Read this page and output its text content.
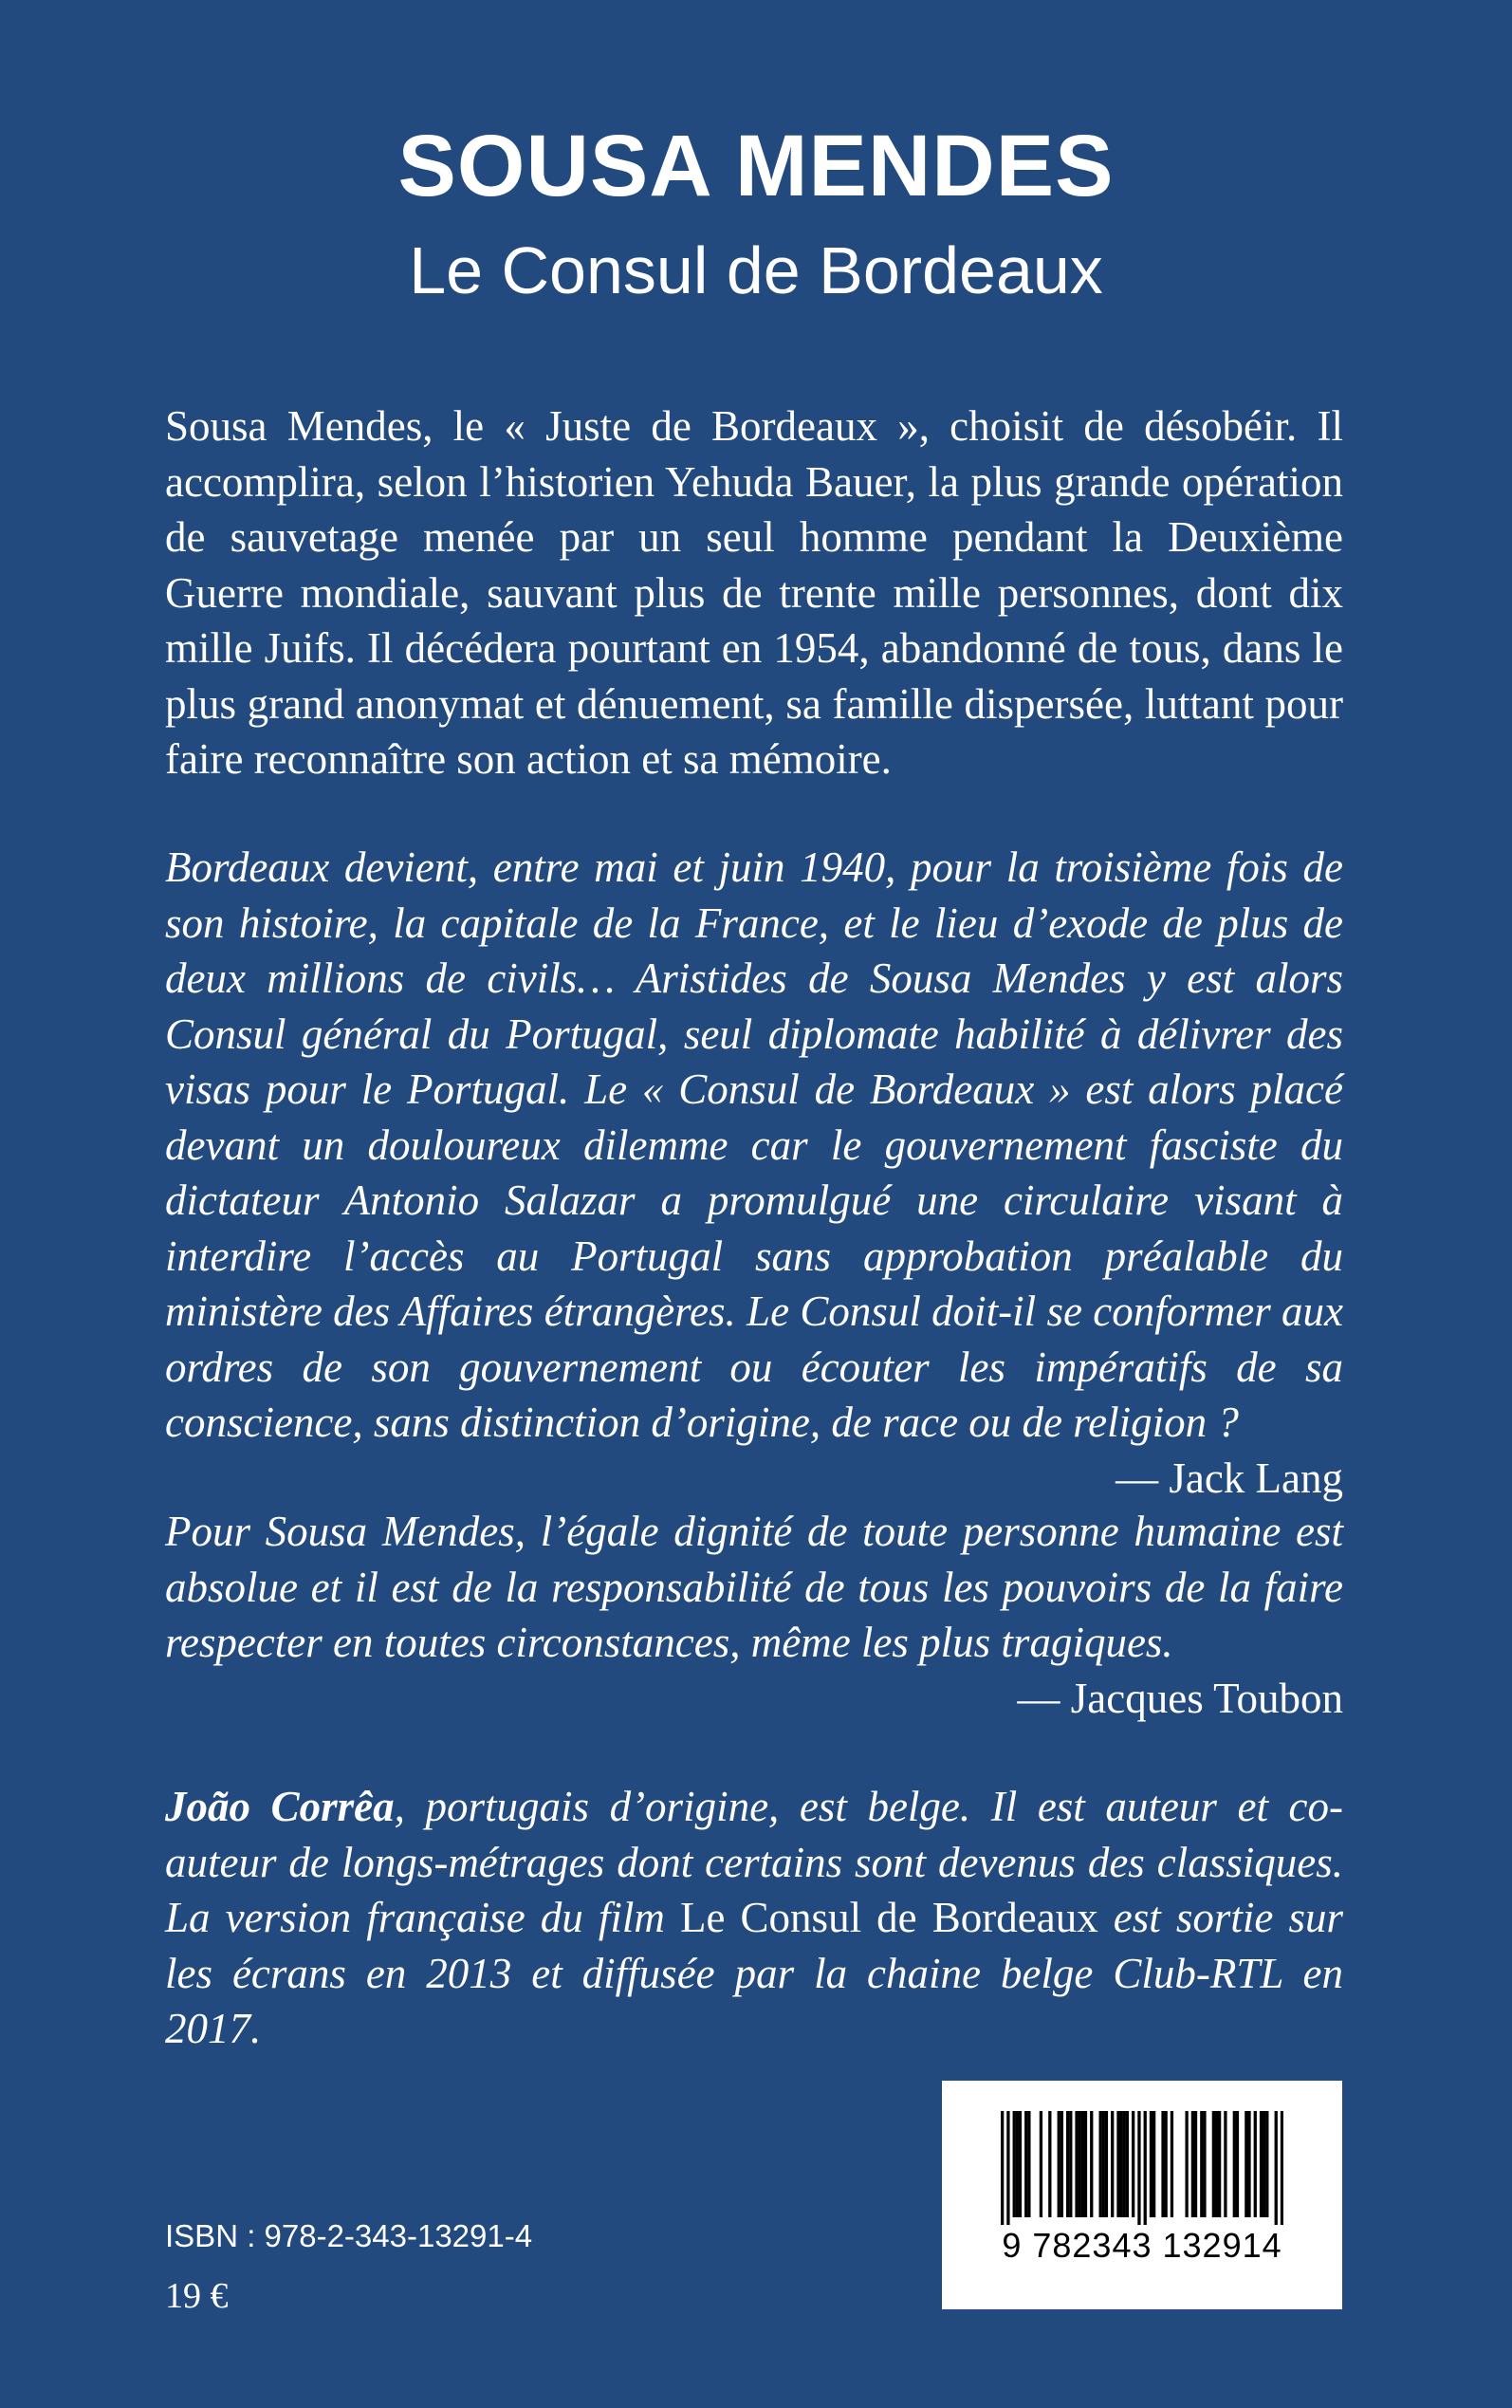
SOUSA MENDES
Le Consul de Bordeaux
Sousa Mendes, le « Juste de Bordeaux », choisit de désobéir. Il accomplira, selon l’historien Yehuda Bauer, la plus grande opération de sauvetage menée par un seul homme pendant la Deuxième Guerre mondiale, sauvant plus de trente mille personnes, dont dix mille Juifs. Il décédera pourtant en 1954, abandonné de tous, dans le plus grand anonymat et dénuement, sa famille dispersée, luttant pour faire reconnaître son action et sa mémoire.
Bordeaux devient, entre mai et juin 1940, pour la troisième fois de son histoire, la capitale de la France, et le lieu d’exode de plus de deux millions de civils… Aristides de Sousa Mendes y est alors Consul général du Portugal, seul diplomate habilité à délivrer des visas pour le Portugal. Le « Consul de Bordeaux » est alors placé devant un douloureux dilemme car le gouvernement fasciste du dictateur Antonio Salazar a promulgué une circulaire visant à interdire l’accès au Portugal sans approbation préalable du ministère des Affaires étrangères. Le Consul doit-il se conformer aux ordres de son gouvernement ou écouter les impératifs de sa conscience, sans distinction d’origine, de race ou de religion ?
— Jack Lang
Pour Sousa Mendes, l’égale dignité de toute personne humaine est absolue et il est de la responsabilité de tous les pouvoirs de la faire respecter en toutes circonstances, même les plus tragiques.
— Jacques Toubon
João Corrêa, portugais d’origine, est belge. Il est auteur et co-auteur de longs-métrages dont certains sont devenus des classiques. La version française du film Le Consul de Bordeaux est sortie sur les écrans en 2013 et diffusée par la chaine belge Club-RTL en 2017.
ISBN : 978-2-343-13291-4
19 €
9 782343 132914
